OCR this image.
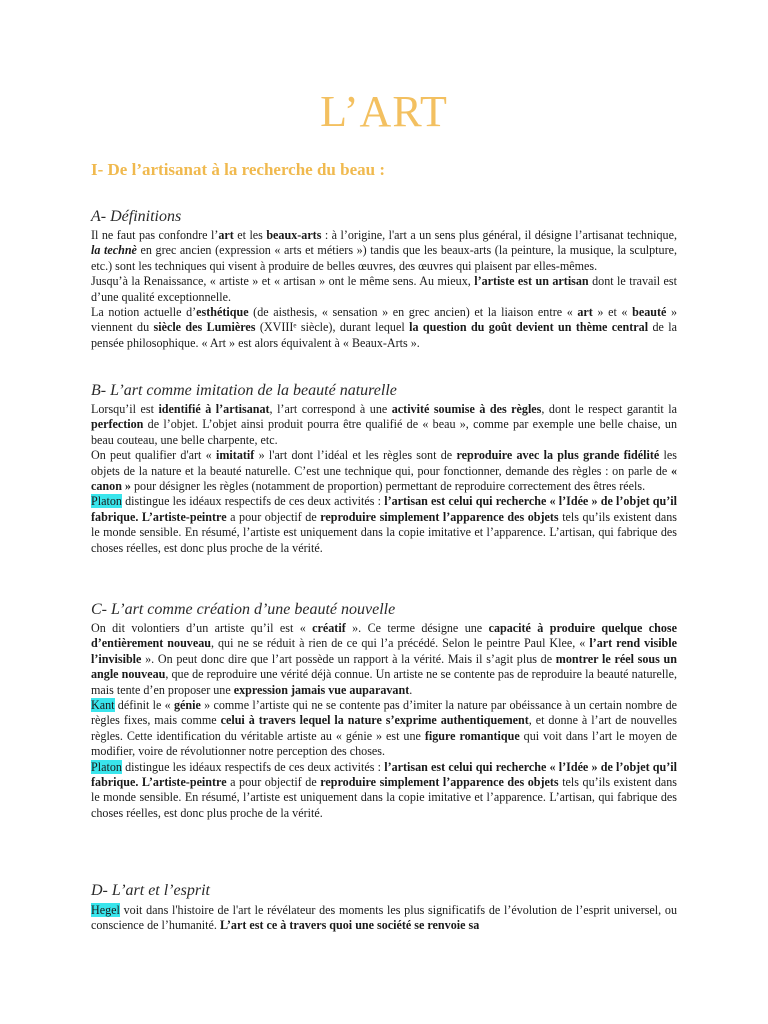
L’ART
I- De l’artisanat à la recherche du beau :
A- Définitions

Il ne faut pas confondre l’art et les beaux-arts : à l’origine, l'art a un sens plus général, il désigne l’artisanat technique, la technè en grec ancien (expression « arts et métiers ») tandis que les beaux-arts (la peinture, la musique, la sculpture, etc.) sont les techniques qui visent à produire de belles œuvres, des œuvres qui plaisent par elles-mêmes.

Jusqu’à la Renaissance, « artiste » et « artisan » ont le même sens. Au mieux, l’artiste est un artisan dont le travail est d’une qualité exceptionnelle.

La notion actuelle d’esthétique (de aisthesis, « sensation » en grec ancien) et la liaison entre « art » et « beauté » viennent du siècle des Lumières (XVIIIᵉ siècle), durant lequel la question du goût devient un thème central de la pensée philosophique. « Art » est alors équivalent à « Beaux-Arts ».

B- L’art comme imitation de la beauté naturelle

Lorsqu’il est identifié à l’artisanat, l’art correspond à une activité soumise à des règles, dont le respect garantit la perfection de l’objet. L’objet ainsi produit pourra être qualifié de « beau », comme par exemple une belle chaise, un beau couteau, une belle charpente, etc.

On peut qualifier d'art « imitatif » l'art dont l’idéal et les règles sont de reproduire avec la plus grande fidélité les objets de la nature et la beauté naturelle. C’est une technique qui, pour fonctionner, demande des règles : on parle de « canon » pour désigner les règles (notamment de proportion) permettant de reproduire correctement des êtres réels.

Platon distingue les idéaux respectifs de ces deux activités : l’artisan est celui qui recherche « l’Idée » de l’objet qu’il fabrique. L’artiste-peintre a pour objectif de reproduire simplement l’apparence des objets tels qu’ils existent dans le monde sensible. En résumé, l’artiste est uniquement dans la copie imitative et l’apparence. L’artisan, qui fabrique des choses réelles, est donc plus proche de la vérité.

C- L’art comme création d’une beauté nouvelle

On dit volontiers d’un artiste qu’il est « créatif ». Ce terme désigne une capacité à produire quelque chose d’entièrement nouveau, qui ne se réduit à rien de ce qui l’a précédé. Selon le peintre Paul Klee, « l’art rend visible l’invisible ». On peut donc dire que l’art possède un rapport à la vérité. Mais il s’agit plus de montrer le réel sous un angle nouveau, que de reproduire une vérité déjà connue. Un artiste ne se contente pas de reproduire la beauté naturelle, mais tente d’en proposer une expression jamais vue auparavant.

Kant définit le « génie » comme l’artiste qui ne se contente pas d’imiter la nature par obéissance à un certain nombre de règles fixes, mais comme celui à travers lequel la nature s’exprime authentiquement, et donne à l’art de nouvelles règles. Cette identification du véritable artiste au « génie » est une figure romantique qui voit dans l’art le moyen de modifier, voire de révolutionner notre perception des choses.

Platon distingue les idéaux respectifs de ces deux activités : l’artisan est celui qui recherche « l’Idée » de l’objet qu’il fabrique. L’artiste-peintre a pour objectif de reproduire simplement l’apparence des objets tels qu’ils existent dans le monde sensible. En résumé, l’artiste est uniquement dans la copie imitative et l’apparence. L’artisan, qui fabrique des choses réelles, est donc plus proche de la vérité.

D- L’art et l’esprit

Hegel voit dans l'histoire de l'art le révélateur des moments les plus significatifs de l’évolution de l’esprit universel, ou conscience de l’humanité. L’art est ce à travers quoi une société se renvoie sa
